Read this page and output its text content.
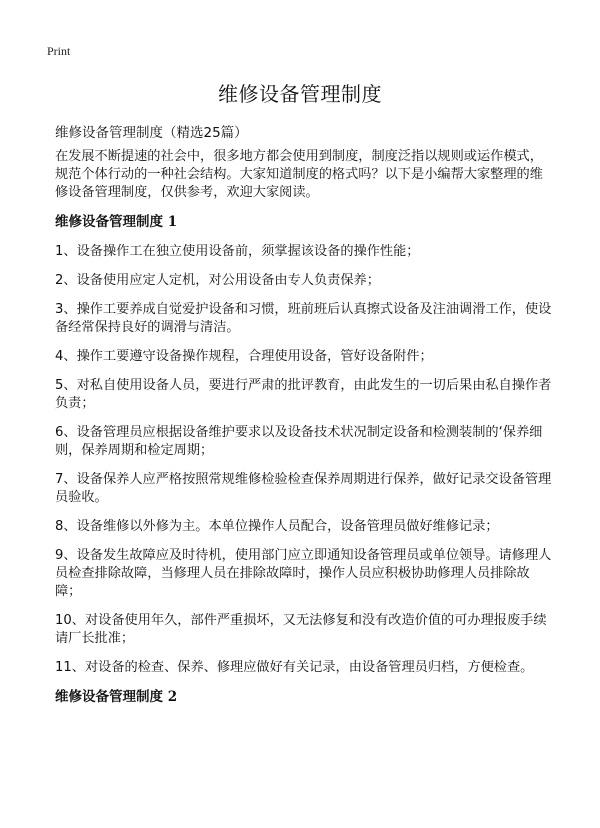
Print
维修设备管理制度
维修设备管理制度（精选25篇）

在发展不断提速的社会中，很多地方都会使用到制度，制度泛指以规则或运作模式，规范个体行动的一种社会结构。大家知道制度的格式吗？以下是小编帮大家整理的维修设备管理制度，仅供参考，欢迎大家阅读。

维修设备管理制度 1

1、设备操作工在独立使用设备前，须掌握该设备的操作性能；

2、设备使用应定人定机，对公用设备由专人负责保养；

3、操作工要养成自觉爱护设备和习惯，班前班后认真擦式设备及注油调滑工作，使设备经常保持良好的调滑与清洁。

4、操作工要遵守设备操作规程，合理使用设备，管好设备附件；

5、对私自使用设备人员，要进行严肃的批评教育，由此发生的一切后果由私自操作者负责；

6、设备管理员应根据设备维护要求以及设备技术状况制定设备和检测装制的‘保养细则，保养周期和检定周期；

7、设备保养人应严格按照常规维修检验检查保养周期进行保养，做好记录交设备管理员验收。

8、设备维修以外修为主。本单位操作人员配合，设备管理员做好维修记录；

9、设备发生故障应及时待机，使用部门应立即通知设备管理员或单位领导。请修理人员检查排除故障，当修理人员在排除故障时，操作人员应积极协助修理人员排除故障；

10、对设备使用年久，部件严重损坏，又无法修复和没有改造价值的可办理报废手续请厂长批准；

11、对设备的检查、保养、修理应做好有关记录，由设备管理员归档，方便检查。

维修设备管理制度 2
